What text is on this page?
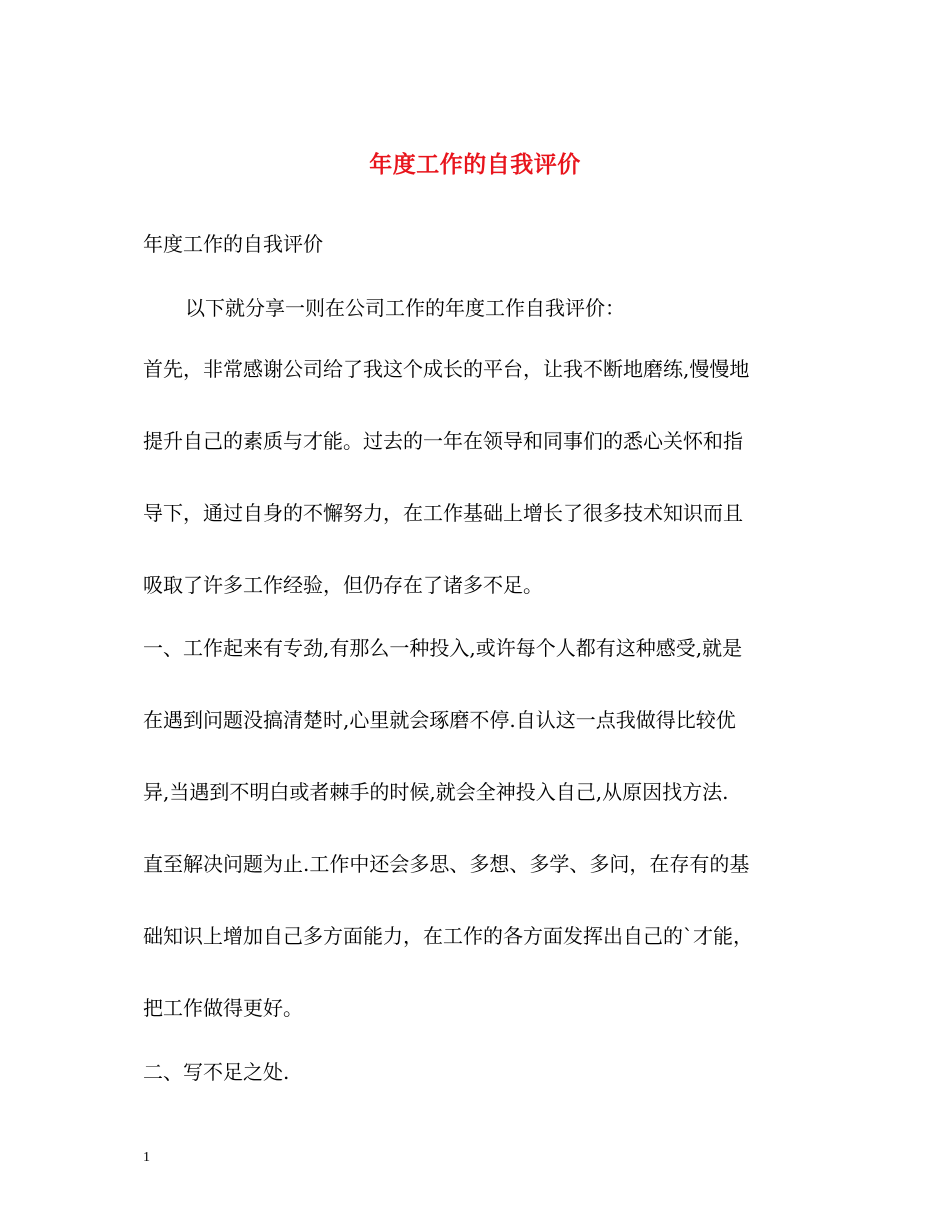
年度工作的自我评价

年度工作的自我评价

以下就分享一则在公司工作的年度工作自我评价：

首先，非常感谢公司给了我这个成长的平台，让我不断地磨练,慢慢地

提升自己的素质与才能。过去的一年在领导和同事们的悉心关怀和指

导下，通过自身的不懈努力，在工作基础上增长了很多技术知识而且

吸取了许多工作经验，但仍存在了诸多不足。

一、工作起来有专劲,有那么一种投入,或许每个人都有这种感受,就是

在遇到问题没搞清楚时,心里就会琢磨不停.自认这一点我做得比较优

异,当遇到不明白或者棘手的时候,就会全神投入自己,从原因找方法.

直至解决问题为止.工作中还会多思、多想、多学、多问，在存有的基

础知识上增加自己多方面能力，在工作的各方面发挥出自己的`才能，

把工作做得更好。

二、写不足之处.

1
